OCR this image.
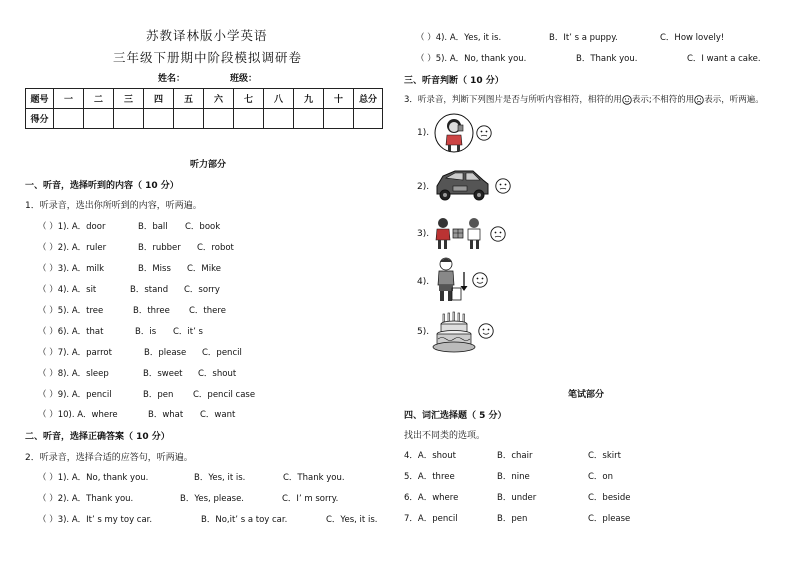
苏教译林版小学英语
三年级下册期中阶段模拟调研卷
姓名：	班级：
题号	一	二	三	四	五	六	七	八	九	十	总分
得分											
听力部分
一、听音，选择听到的内容（ 10 分）
1．听录音，选出你所听到的内容，听两遍。
（ ）1). A．door	B．ball C．book
（ ）2). A．ruler	B．rubber C．robot
（ ）3). A．milk	B．Miss C．Mike
（ ）4). A．sit	B．stand C．sorry
（ ）5). A．tree	B．three C．there
（ ）6). A．that	B．is C．it’ s
（ ）7). A．parrot	B．please C．pencil
（ ）8). A．sleep	B．sweet C．shout
（ ）9). A．pencil	B．pen C．pencil case
（ ）10). A．where	B．what C．want
二、听音，选择正确答案（ 10 分）
2．听录音，选择合适的应答句，听两遍。
（ ）1). A．No, thank you.	B．Yes, it is.	C．Thank you.
（ ）2). A．Thank you.	B．Yes, please.	C．I’ m sorry.
（ ）3). A．It’ s my toy car.	B．No,it’ s a toy car.	C．Yes, it is.
（ ）4). A．Yes, it is.	B．It’ s a puppy.	C．How lovely!
（ ）5). A．No, thank you.	B．Thank you.	C．I want a cake.
三、听音判断（ 10 分）
3．听录音，判断下列图片是否与所听内容相符，相符的用 表示;不相符的用 表示，听两遍。
1).
2).
3).
4).
5).
笔试部分
四、词汇选择题（ 5 分）
找出不同类的选项。
4．A．shout	B．chair	C．skirt
5．A．three	B．nine	C．on
6．A．where	B．under	C．beside
7．A．pencil	B．pen	C．please
